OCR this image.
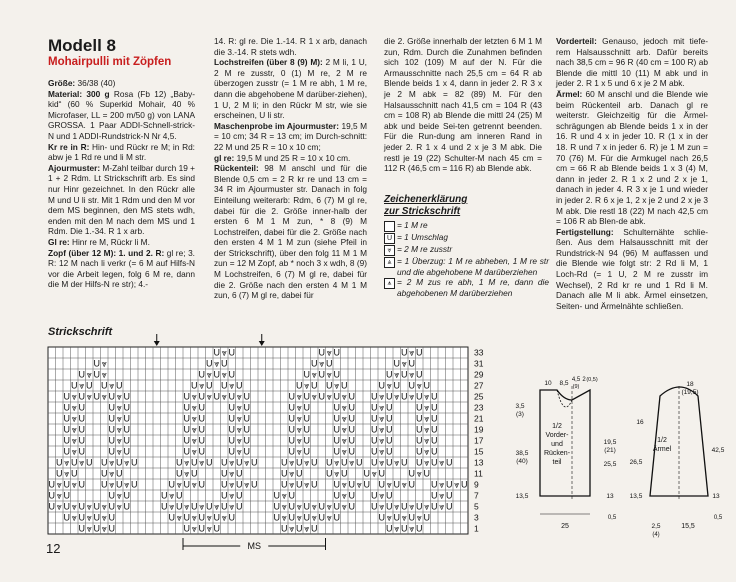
Modell 8
Mohairpulli mit Zöpfen

Größe: 36/38 (40)

Material: 300 g Rosa (Fb 12) „Baby-kid“ (60 % Superkid Mohair, 40 % Microfaser, LL = 200 m/50 g) von LANA GROSSA. 1 Paar ADDI-Schnell-strick-N und 1 ADDI-Rundstrick-N Nr 4,5.

Kr re in R: Hin- und Rückr re M; in Rd: abw je 1 Rd re und li M str.

Ajourmuster: M-Zahl teilbar durch 19 + 1 + 2 Rdm. Lt Strickschrift arb. Es sind nur Hinr gezeichnet. In den Rückr alle M und U li str. Mit 1 Rdm und den M vor dem MS beginnen, den MS stets wdh, enden mit den M nach dem MS und 1 Rdm. Die 1.-34. R 1 x arb.

Gl re: Hinr re M, Rückr li M.

Zopf (über 12 M): 1. und 2. R: gl re; 3. R: 12 M nach li verkr (= 6 M auf Hilfs-N vor die Arbeit legen, folg 6 M re, dann die M der Hilfs-N re str); 4.-

14. R: gl re. Die 1.-14. R 1 x arb, danach die 3.-14. R stets wdh.

Lochstreifen (über 8 (9) M): 2 M li, 1 U, 2 M re zusstr, 0 (1) M re, 2 M re überzogen zusstr (= 1 M re abh, 1 M re, dann die abgehobene M darüber-ziehen), 1 U, 2 M li; in den Rückr M str, wie sie erscheinen, U li str.

Maschenprobe im Ajourmuster: 19,5 M = 10 cm; 34 R = 13 cm; im Durch-schnitt: 22 M und 25 R = 10 x 10 cm;

gl re: 19,5 M und 25 R = 10 x 10 cm.

Rückenteil: 98 M anschl und für die Blende 0,5 cm = 2 R kr re und 13 cm = 34 R im Ajourmuster str. Danach in folg Einteilung weiterarb: Rdm, 6 (7) M gl re, dabei für die 2. Größe inner-halb der ersten 6 M 1 M zun, * 8 (9) M Lochstreifen, dabei für die 2. Größe nach den ersten 4 M 1 M zun (siehe Pfeil in der Strickschrift), über den folg 11 M 1 M zun = 12 M Zopf, ab * noch 3 x wdh, 8 (9) M Lochstreifen, 6 (7) M gl re, dabei für die 2. Größe nach den ersten 4 M 1 M zun, 6 (7) M gl re, dabei für

die 2. Größe innerhalb der letzten 6 M 1 M zun, Rdm. Durch die Zunahmen befinden sich 102 (109) M auf der N. Für die Armausschnitte nach 25,5 cm = 64 R ab Blende beids 1 x 4, dann in jeder 2. R 3 x je 2 M abk = 82 (89) M. Für den Halsausschnitt nach 41,5 cm = 104 R (43 cm = 108 R) ab Blende die mittl 24 (25) M abk und beide Sei-ten getrennt beenden. Für die Run-dung am inneren Rand in jeder 2. R 1 x 4 und 2 x je 3 M abk. Die restl je 19 (22) Schulter-M nach 45 cm = 112 R (46,5 cm = 116 R) ab Blende abk.

Zeichenerklärung
zur Strickschrift
= 1 M re
U = 1 Umschlag
⩔ = 2 M re zusstr
⩓ = 1 Überzug: 1 M re abheben, 1 M re str und die abgehobene M darüberziehen
⩚ = 2 M zus re abh, 1 M re, dann die abgehobenen M darüberziehen

Vorderteil: Genauso, jedoch mit tiefe-rem Halsausschnitt arb. Dafür bereits nach 38,5 cm = 96 R (40 cm = 100 R) ab Blende die mittl 10 (11) M abk und in jeder 2. R 1 x 5 und 6 x je 2 M abk.

Ärmel: 60 M anschl und die Blende wie beim Rückenteil arb. Danach gl re weiterstr. Gleichzeitig für die Ärmel-schrägungen ab Blende beids 1 x in der 16. R und 4 x in jeder 10. R (1 x in der 18. R und 7 x in jeder 6. R) je 1 M zun = 70 (76) M. Für die Armkugel nach 26,5 cm = 66 R ab Blende beids 1 x 3 (4) M, dann in jeder 2. R 1 x 2 und 2 x je 1, danach in jeder 4. R 3 x je 1 und wieder in jeder 2. R 6 x je 1, 2 x je 2 und 2 x je 3 M abk. Die restl 18 (22) M nach 42,5 cm = 106 R ab Blen-de abk.

Fertigstellung: Schulternähte schlie-ßen. Aus dem Halsausschnitt mit der Rundstrick-N 94 (96) M auffassen und die Blende wie folgt str: 2 Rd li M, 1 Loch-Rd (= 1 U, 2 M re zusstr im Wechsel), 2 Rd kr re und 1 Rd li M. Danach alle M li abk. Ärmel einsetzen, Seiten- und Ärmelnähte schließen.

Strickschrift
U ⩔ U	U ⩔ U	U ⩔ U
U ⩔	U ⩔ U	U ⩔ U	U ⩔ U
U ⩔ U ⩔	U ⩔ U ⩔ U	U ⩔ U ⩔ U	U ⩔ U ⩔ U
U ⩔ U U ⩔ U	U ⩔ U U ⩔ U	U ⩔ U U ⩔ U	U ⩔ U U ⩔ U
U ⩔ U ⩔ U ⩔ U ⩔ U	U ⩔ U ⩔ U ⩔ U ⩔ U	U ⩔ U ⩔ U ⩔ U ⩔ U U ⩔ U ⩔ U ⩔ U ⩔ U
U ⩔ U	U ⩔ U	U ⩔ U	U ⩔ U	U ⩔ U	U ⩔ U U ⩔ U	U ⩔ U
U ⩔ U	U ⩔ U	U ⩔ U	U ⩔ U	U ⩔ U	U ⩔ U U ⩔ U	U ⩔ U
U ⩔ U	U ⩔ U	U ⩔ U	U ⩔ U	U ⩔ U	U ⩔ U U ⩔ U	U ⩔ U
U ⩔ U	U ⩔ U	U ⩔ U	U ⩔ U	U ⩔ U	U ⩔ U U ⩔ U	U ⩔ U
U ⩔ U	U ⩔ U	U ⩔ U	U ⩔ U	U ⩔ U	U ⩔ U U ⩔ U	U ⩔ U
U ⩔ U ⩔ U U ⩔ U ⩔ U	U ⩔ U ⩔ U U ⩔ U ⩔ U	U ⩔ U ⩔ U U ⩔ U ⩔ U U ⩔ U ⩔ U U ⩔ U ⩔ U
U ⩔ U	U ⩔ U	U ⩔ U	U ⩔ U	U ⩔ U	U ⩔ U U ⩔ U	U ⩔ U
U ⩔ U ⩔ U U ⩔ U ⩔ U	U ⩔ U ⩔ U U ⩔ U ⩔ U	U ⩔ U ⩔ U U ⩔ U ⩔ U U ⩔ U ⩔ U U ⩔ U ⩔ U
U ⩔ U	U ⩔ U	U ⩔ U	U ⩔ U	U ⩔ U	U ⩔ U U ⩔ U	U ⩔ U
U ⩔ U ⩔ U ⩔ U ⩔ U ⩔ U	U ⩔ U ⩔ U ⩔ U ⩔ U ⩔ U	U ⩔ U ⩔ U ⩔ U ⩔ U ⩔ U U ⩔ U ⩔ U ⩔ U ⩔ U ⩔ U
U ⩔ U ⩔ U ⩔ U	U ⩔ U ⩔ U ⩔ U ⩔ U	U ⩔ U ⩔ U ⩔ U ⩔ U	U ⩔ U ⩔ U ⩔ U
U ⩔ U ⩔ U	U ⩔ U ⩔ U	U ⩔ U ⩔ U	U ⩔ U ⩔ U
33
31
29
27
25
23
21
19
17
15
13
11
9
7
5
3
1
MS
1/2
Vorder-
und
Rücken-
teil
10 8,5 4,5
(9)
2 (0,5)
3,5
(3)
38,5
(40)
13,5
19,5
(21)
25,5
13
0,5
25
1/2
Ärmel
18
(19,5)
16
26,5
13,5
42,5
13
0,5
2,5
(4)
15,5
12
